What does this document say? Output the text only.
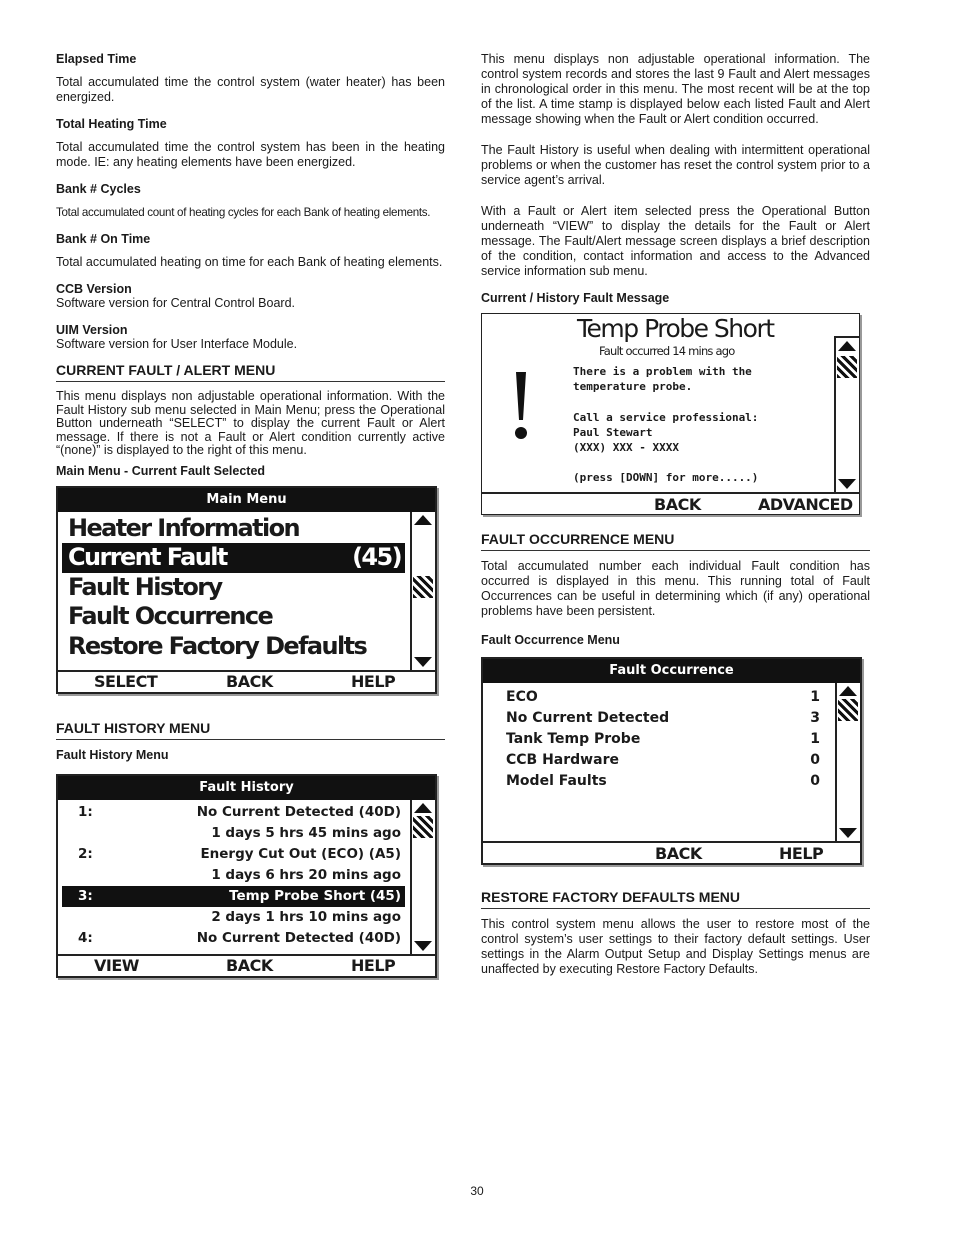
Elapsed Time

Total accumulated time the control system (water heater) has been energized.

Total Heating Time

Total accumulated time the control system has been in the heating mode. IE: any heating elements have been energized.

Bank # Cycles

Total accumulated count of heating cycles for each Bank of heating elements.

Bank # On Time

Total accumulated heating on time for each Bank of heating elements.

CCB Version

Software version for Central Control Board.

UIM Version

Software version for User Interface Module.

CURRENT FAULT / ALERT MENU

This menu displays non adjustable operational information. With the Fault History sub menu selected in Main Menu; press the Operational Button underneath “SELECT” to display the current Fault or Alert message. If there is not a Fault or Alert condition currently active “(none)” is displayed to the right of this menu.

Main Menu - Current Fault Selected
Main Menu
Heater Information
Current Fault	(45)
Fault History
Fault Occurrence
Restore Factory Defaults
SELECT	BACK	HELP
FAULT HISTORY MENU
Fault History Menu
Fault History
1:	No Current Detected (40D)
1 days 5 hrs 45 mins ago
2:	Energy Cut Out (ECO) (A5)
1 days 6 hrs 20 mins ago
3:	Temp Probe Short (45)
2 days 1 hrs 10 mins ago
4:	No Current Detected (40D)
VIEW	BACK	HELP

This menu displays non adjustable operational information. The control system records and stores the last 9 Fault and Alert messages in chronological order in this menu. The most recent will be at the top of the list. A time stamp is displayed below each listed Fault and Alert message showing when the Fault or Alert condition occurred.

The Fault History is useful when dealing with intermittent operational problems or when the customer has reset the control system prior to a service agent’s arrival.

With a Fault or Alert item selected press the Operational Button underneath “VIEW” to display the details for the Fault or Alert message. The Fault/Alert message screen displays a brief description of the condition, contact information and access to the Advanced service information sub menu.

Current / History Fault Message
Temp Probe Short
Fault occurred 14 mins ago
There is a problem with the
temperature probe.
Call a service professional:
Paul Stewart
(XXX) XXX - XXXX
(press [DOWN] for more.....)
BACK	ADVANCED
FAULT OCCURRENCE MENU

Total accumulated number each individual Fault condition has occurred is displayed in this menu. This running total of Fault Occurrences can be useful in determining which (if any) operational problems have been persistent.

Fault Occurrence Menu
Fault Occurrence
ECO	1
No Current Detected	3
Tank Temp Probe	1
CCB Hardware	0
Model Faults	0
BACK	HELP
RESTORE FACTORY DEFAULTS MENU

This control system menu allows the user to restore most of the control system’s user settings to their factory default settings. User settings in the Alarm Output Setup and Display Settings menus are unaffected by executing Restore Factory Defaults.

30
